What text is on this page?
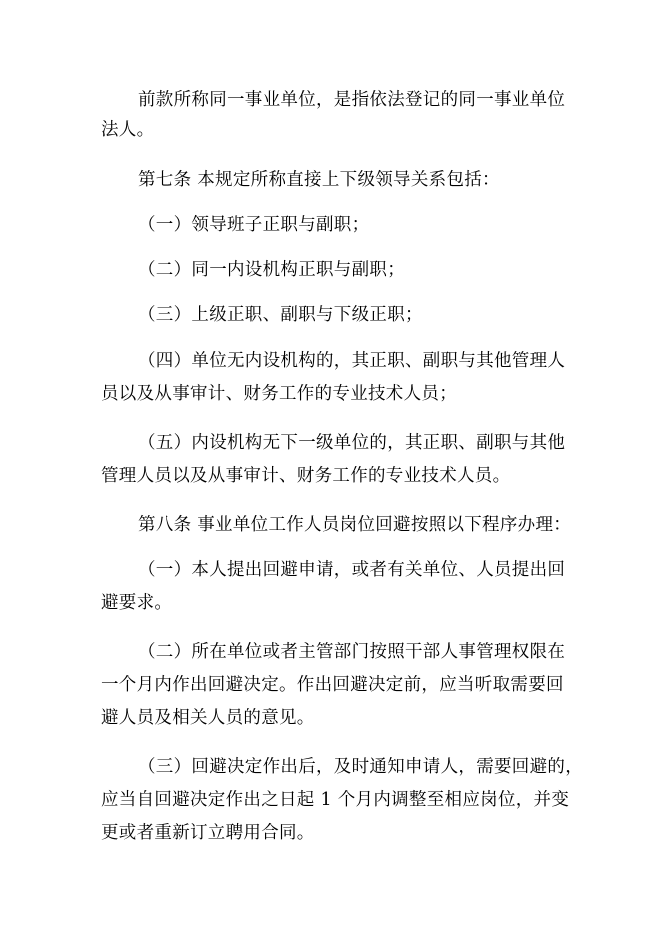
前款所称同一事业单位，是指依法登记的同一事业单位
法人。
第七条 本规定所称直接上下级领导关系包括：
（一）领导班子正职与副职；
（二）同一内设机构正职与副职；
（三）上级正职、副职与下级正职；
（四）单位无内设机构的，其正职、副职与其他管理人
员以及从事审计、财务工作的专业技术人员；
（五）内设机构无下一级单位的，其正职、副职与其他
管理人员以及从事审计、财务工作的专业技术人员。
第八条 事业单位工作人员岗位回避按照以下程序办理：
（一）本人提出回避申请，或者有关单位、人员提出回
避要求。
（二）所在单位或者主管部门按照干部人事管理权限在
一个月内作出回避决定。作出回避决定前，应当听取需要回
避人员及相关人员的意见。
（三）回避决定作出后，及时通知申请人，需要回避的，
应当自回避决定作出之日起 1 个月内调整至相应岗位，并变
更或者重新订立聘用合同。
